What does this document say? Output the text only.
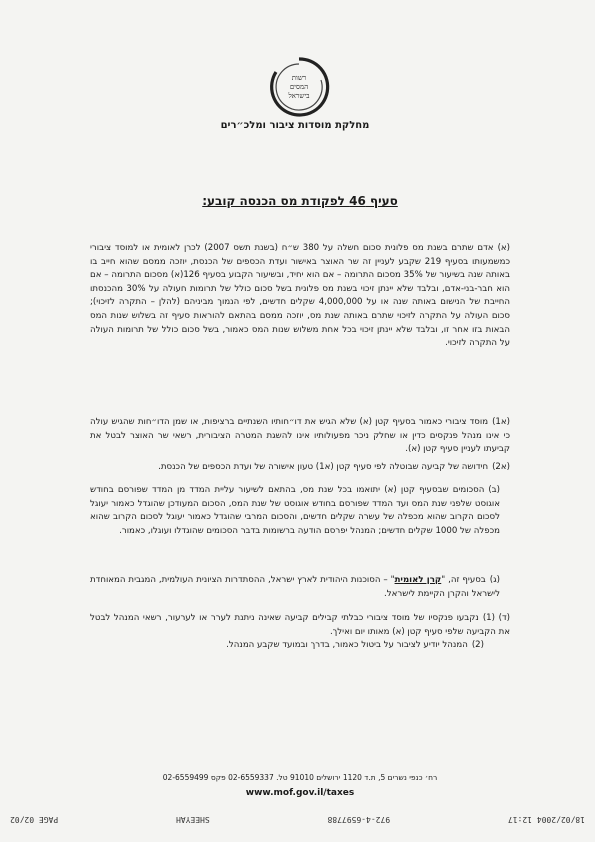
רשות
המסים
בישראל
מחלקת מוסדות ציבור ומלכ״רים
סעיף 46 לפקודת מס הכנסה קובע:

(א)אדם שתרם בשנת מס פלונית סכום חשלה על 380 ש״ח (בשנת תשס 2007) לכרן לאומית או למוסד ציבורי כמשמעותו בסעיף 219 שקבע לעניין זה שר האוצר באישור ועדת הכספים של הכנסת, יוזכה ממסם שהוא חייב בו באותה שנה בשיעור של 35% מסכום התרומה – אם הוא יחיד, ובשיעור הקבוע בסעיף 126(א) מסכום התרומה – אם הוא חבר-בני-אדם, ובלבד שלא יינתן זיכוי בשנת מס פלונית בשל סכום כולל של תרומות חעולה על 30% מהכנסתו החייבת של הנישום באותה שנה או על 4,000,000 שקלים חדשים, לפי הנמוך מביניהם (להלן – התקרה לזיכוי); סכום העולה על התקרה לזיכוי שתרם באותה שנת מס, יוזכה ממסם בהתאם להוראות סעיף זה בשלוש שנות המס הבאות בזו אחר זו, ובלבד שלא יינתן זיכוי בכל אחת משלוש שנות המס כאמור, בשל סכום כולל של תרומות העולה על התקרה לזיכוי.

(א1)מוסד ציבורי כאמור בסעיף קטן (א) שלא הגיש את דו״חותיו השנתיים ברציפות, או שמן הדו״חות שהגיש עולה כי אינו מנהל פנקסים כדין או שחלק ניכר מפעולותיו אינו להשגת המטרה הציבורית, רשאי שר האוצר לבטל את קביעתו לעניין סעיף קטן (א).

(א2)חידושה של קביעה שבוטלה לפי סעיף קטן (א1) טעון אישורה של ועדת הכספים של הכנסת.

(ב)הסכומים שבסעיף קטן (א) יתואמו בכל שנת מס, בהתאם לשיעור עליית המדד מן המדד שפורסם בחודש אוגוסט שלפני שנת המס ועד המדד שפורסם בחודש אוגוסט של שנת המס, הסכום המעודכן שהוגדל כאמור יעוגל לסכום הקרוב שהוא מכפלה של עשרה שקלים חדשים, והסכום המרבי שהוגדל כאמור יעוגל לסכום הקרוב שהוא מכפלה של 1000 שקלים חדשים; המנהל יפרסם הודעה ברשומות בדבר הסכומים שהוגדלו ועוגלו, כאמור.

(ג)בסעיף זה, "קרן לאומית" – הסוכנות היהודית לארץ ישראל, ההסתדרות הציונית העולמית, המגבית המאוחדת לישראל והקרן הקיימת לישראל.

(ד) (1)נקבעו פנקסיו של מוסד ציבורי כבלתי קבילים קביעה שאינה ניתנת לערר או לערעור, רשאי המנהל לבטל את הקביעה שלפי סעיף קטן (א) מאותו יום ואילך.

(2)המנהל יודיע לציבור על ביטול כאמור, בדרך ובמועד שקבע המנהל.

רח׳ כנפי נשרים 5, ת.ד 1120 ירושלים 91010 טל. 02-6559337 פקס 02-6559499
www.mof.gov.il/taxes
18/02/2004 12:17
972-4-6597788
SHEEYAH
PAGE 02/02
